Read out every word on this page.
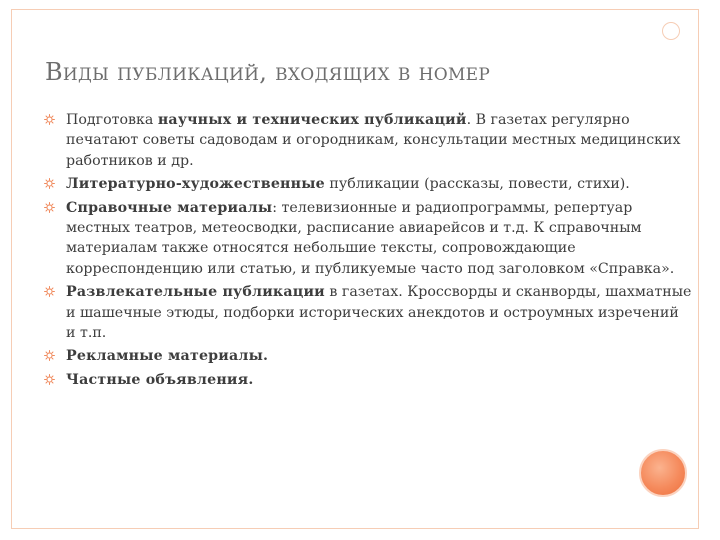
Виды публикаций, входящих в номер
Подготовка научных и технических публикаций. В газетах регулярно печатают советы садоводам и огородникам, консультации местных медицинских работников и др.
Литературно-художественные публикации (рассказы, повести, стихи).
Справочные материалы: телевизионные и радиопрограммы, репертуар местных театров, метеосводки, расписание авиарейсов и т.д. К справочным материалам также относятся небольшие тексты, сопровождающие корреспонденцию или статью, и публикуемые часто под заголовком «Справка».
Развлекательные публикации в газетах. Кроссворды и сканворды, шахматные и шашечные этюды, подборки исторических анекдотов и остроумных изречений и т.п.
Рекламные материалы.
Частные объявления.
